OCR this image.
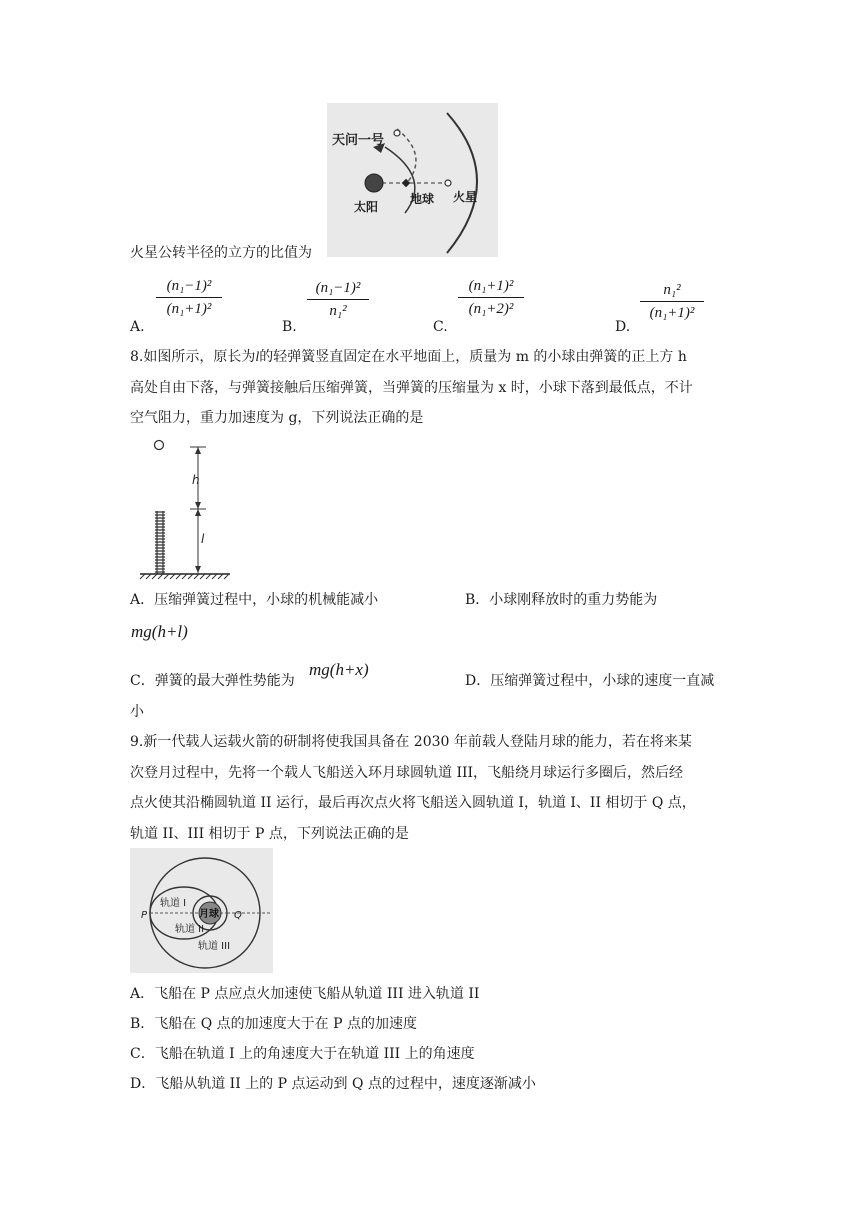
天问一号
太阳
地球 火星
火星公转半径的立方的比值为
A.
$\frac{\text{(n₁−1)²}}{\text{(n₁+1)²}}$
B.
$\frac{\text{(n₁−1)²}}{\text{n₁²}}$
C.
$\frac{\text{(n₁+1)²}}{\text{(n₁+2)²}}$
D.
$\frac{\text{n₁²}}{\text{(n₁+1)²}}$
8.如图所示，原长为l的轻弹簧竖直固定在水平地面上，质量为 m 的小球由弹簧的正上方 h
高处自由下落，与弹簧接触后压缩弹簧，当弹簧的压缩量为 x 时，小球下落到最低点，不计
空气阻力，重力加速度为 g，下列说法正确的是
h
l
A．压缩弹簧过程中，小球的机械能减小	B．小球刚释放时的重力势能为
mg(h+l)
C．弹簧的最大弹性势能为
mg(h+x)
D．压缩弹簧过程中，小球的速度一直减
小
9.新一代载人运载火箭的研制将使我国具备在 2030 年前载人登陆月球的能力，若在将来某
次登月过程中，先将一个载人飞船送入环月球圆轨道 III，飞船绕月球运行多圈后，然后经
点火使其沿椭圆轨道 II 运行，最后再次点火将飞船送入圆轨道 I，轨道 I、II 相切于 Q 点，
轨道 II、III 相切于 P 点，下列说法正确的是
月球
轨道 I
轨道 II
轨道 III
P	Q
A．飞船在 P 点应点火加速使飞船从轨道 III 进入轨道 II
B．飞船在 Q 点的加速度大于在 P 点的加速度
C．飞船在轨道 I 上的角速度大于在轨道 III 上的角速度
D．飞船从轨道 II 上的 P 点运动到 Q 点的过程中，速度逐渐减小
